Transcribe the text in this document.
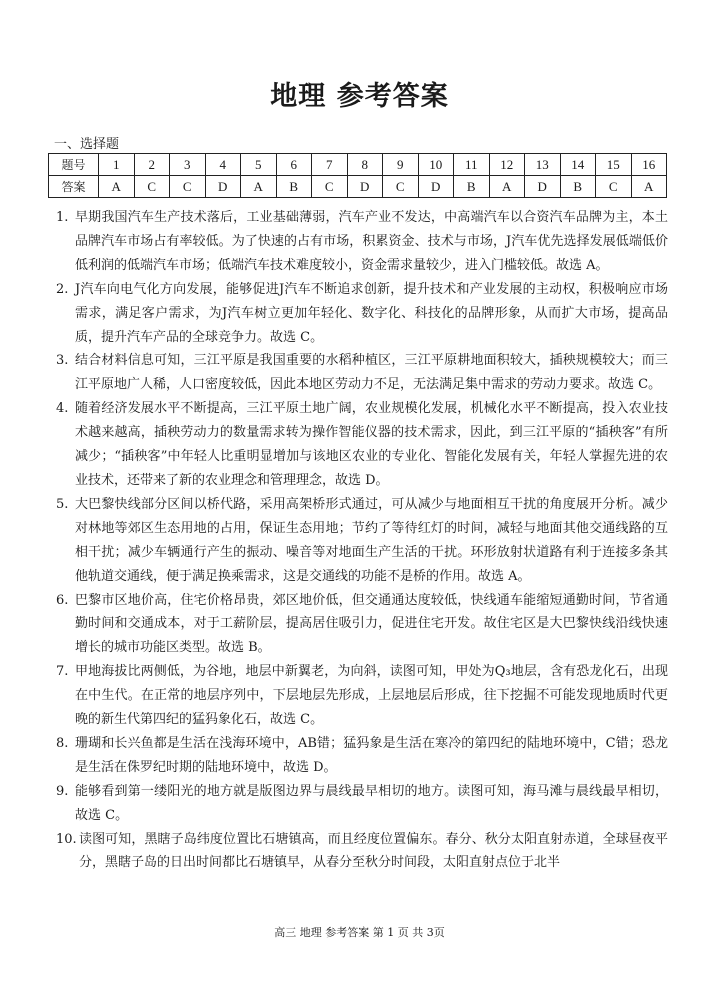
地理 参考答案
一、选择题
题号	1	2	3	4	5	6	7	8	9	10	11	12	13	14	15	16
答案	A	C	C	D	A	B	C	D	C	D	B	A	D	B	C	A
1. 早期我国汽车生产技术落后，工业基础薄弱，汽车产业不发达，中高端汽车以合资汽车品牌为主，本土品牌汽车市场占有率较低。为了快速的占有市场，积累资金、技术与市场，J汽车优先选择发展低端低价低利润的低端汽车市场；低端汽车技术难度较小，资金需求量较少，进入门槛较低。故选 A。
2. J汽车向电气化方向发展，能够促进J汽车不断追求创新，提升技术和产业发展的主动权，积极响应市场需求，满足客户需求，为J汽车树立更加年轻化、数字化、科技化的品牌形象，从而扩大市场，提高品质，提升汽车产品的全球竞争力。故选 C。
3. 结合材料信息可知，三江平原是我国重要的水稻种植区，三江平原耕地面积较大，插秧规模较大；而三江平原地广人稀，人口密度较低，因此本地区劳动力不足，无法满足集中需求的劳动力要求。故选 C。
4. 随着经济发展水平不断提高，三江平原土地广阔，农业规模化发展，机械化水平不断提高，投入农业技术越来越高，插秧劳动力的数量需求转为操作智能仪器的技术需求，因此，到三江平原的“插秧客”有所减少；“插秧客”中年轻人比重明显增加与该地区农业的专业化、智能化发展有关，年轻人掌握先进的农业技术，还带来了新的农业理念和管理理念，故选 D。
5. 大巴黎快线部分区间以桥代路，采用高架桥形式通过，可从减少与地面相互干扰的角度展开分析。减少对林地等郊区生态用地的占用，保证生态用地；节约了等待红灯的时间，减轻与地面其他交通线路的互相干扰；减少车辆通行产生的振动、噪音等对地面生产生活的干扰。环形放射状道路有利于连接多条其他轨道交通线，便于满足换乘需求，这是交通线的功能不是桥的作用。故选 A。
6. 巴黎市区地价高，住宅价格昂贵，郊区地价低，但交通通达度较低，快线通车能缩短通勤时间，节省通勤时间和交通成本，对于工薪阶层，提高居住吸引力，促进住宅开发。故住宅区是大巴黎快线沿线快速增长的城市功能区类型。故选 B。
7. 甲地海拔比两侧低，为谷地，地层中新翼老，为向斜，读图可知，甲处为Q₃地层，含有恐龙化石，出现在中生代。在正常的地层序列中，下层地层先形成，上层地层后形成，往下挖掘不可能发现地质时代更晚的新生代第四纪的猛犸象化石，故选 C。
8. 珊瑚和长兴鱼都是生活在浅海环境中，AB错；猛犸象是生活在寒冷的第四纪的陆地环境中，C错；恐龙是生活在侏罗纪时期的陆地环境中，故选 D。
9. 能够看到第一缕阳光的地方就是版图边界与晨线最早相切的地方。读图可知，海马滩与晨线最早相切，故选 C。
10. 读图可知，黑瞎子岛纬度位置比石塘镇高，而且经度位置偏东。春分、秋分太阳直射赤道，全球昼夜平分，黑瞎子岛的日出时间都比石塘镇早，从春分至秋分时间段，太阳直射点位于北半
高三 地理 参考答案 第 1 页 共 3页
